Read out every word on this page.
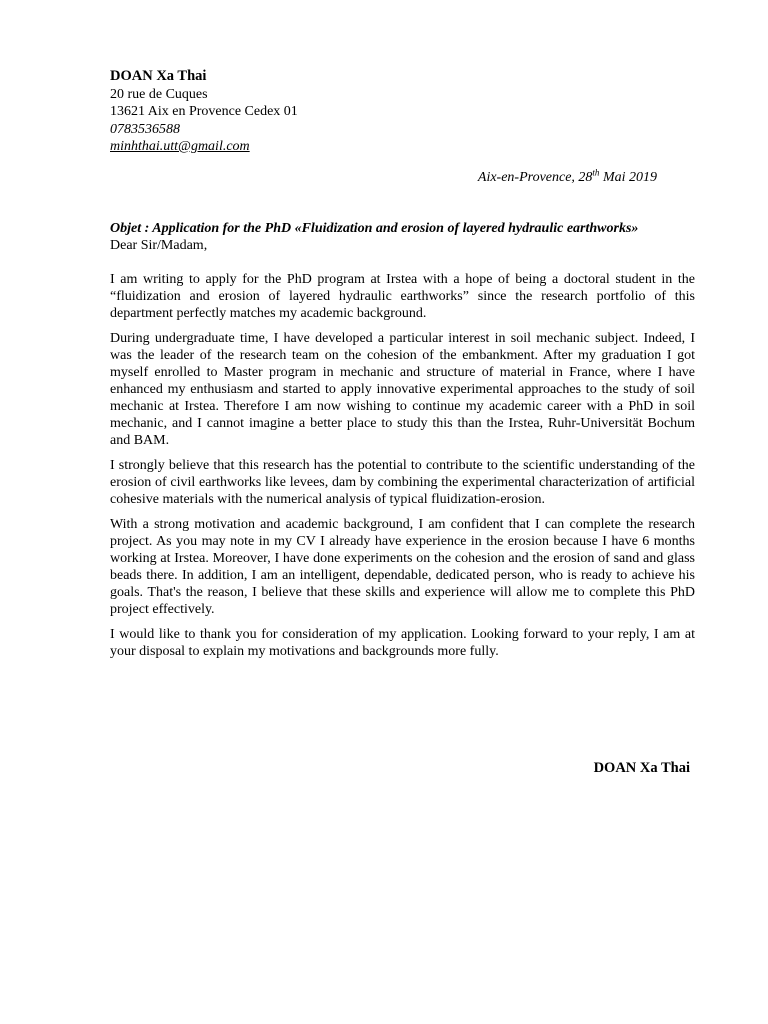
DOAN Xa Thai
20 rue de Cuques
13621 Aix en Provence Cedex 01
0783536588
minhthai.utt@gmail.com
Aix-en-Provence, 28th Mai 2019

Objet : Application for the PhD «Fluidization and erosion of layered hydraulic earthworks»

Dear Sir/Madam,

I am writing to apply for the PhD program at Irstea with a hope of being a doctoral student in the “fluidization and erosion of layered hydraulic earthworks” since the research portfolio of this department perfectly matches my academic background.

During undergraduate time, I have developed a particular interest in soil mechanic subject. Indeed, I was the leader of the research team on the cohesion of the embankment. After my graduation I got myself enrolled to Master program in mechanic and structure of material in France, where I have enhanced my enthusiasm and started to apply innovative experimental approaches to the study of soil mechanic at Irstea. Therefore I am now wishing to continue my academic career with a PhD in soil mechanic, and I cannot imagine a better place to study this than the Irstea, Ruhr-Universität Bochum and BAM.

I strongly believe that this research has the potential to contribute to the scientific understanding of the erosion of civil earthworks like levees, dam by combining the experimental characterization of artificial cohesive materials with the numerical analysis of typical fluidization-erosion.

With a strong motivation and academic background, I am confident that I can complete the research project. As you may note in my CV I already have experience in the erosion because I have 6 months working at Irstea. Moreover, I have done experiments on the cohesion and the erosion of sand and glass beads there. In addition, I am an intelligent, dependable, dedicated person, who is ready to achieve his goals. That's the reason, I believe that these skills and experience will allow me to complete this PhD project effectively.

I would like to thank you for consideration of my application. Looking forward to your reply, I am at your disposal to explain my motivations and backgrounds more fully.

DOAN Xa Thai
